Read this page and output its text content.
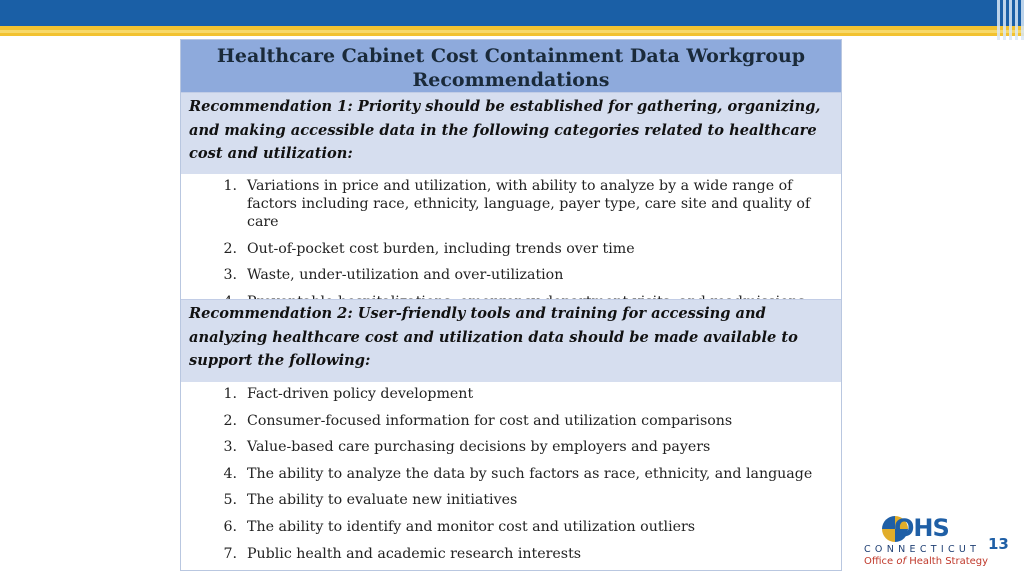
Healthcare Cabinet Cost Containment Data Workgroup Recommendations

Recommendation 1: Priority should be established for gathering, organizing, and making accessible data in the following categories related to healthcare cost and utilization:

1. Variations in price and utilization, with ability to analyze by a wide range of factors including race, ethnicity, language, payer type, care site and quality of care
2. Out-of-pocket cost burden, including trends over time
3. Waste, under-utilization and over-utilization

Recommendation 2: User-friendly tools and training for accessing and analyzing healthcare cost and utilization data should be made available to support the following:

1. Fact-driven policy development
2. Consumer-focused information for cost and utilization comparisons
3. Value-based care purchasing decisions by employers and payers
4. The ability to analyze the data by such factors as race, ethnicity, and language
5. The ability to evaluate new initiatives
6. The ability to identify and monitor cost and utilization outliers
7. Public health and academic research interests
OHS
CONNECTICUT
Office of Health Strategy
13
